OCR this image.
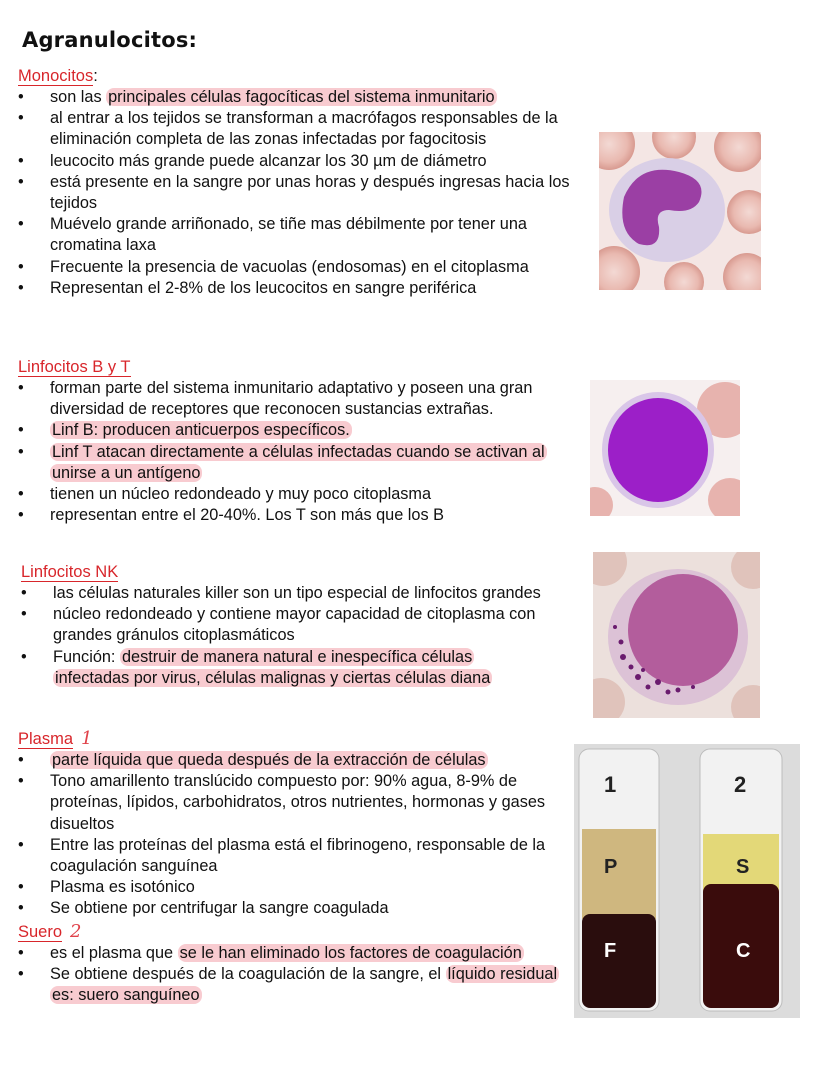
Agranulocitos:
Monocitos:
• son las principales células fagocíticas del sistema inmunitario
• al entrar a los tejidos se transforman a macrófagos responsables de la eliminación completa de las zonas infectadas por fagocitosis
• leucocito más grande puede alcanzar los 30 µm de diámetro
• está presente en la sangre por unas horas y después ingresas hacia los tejidos
• Muévelo grande arriñonado, se tiñe mas débilmente por tener una cromatina laxa
• Frecuente la presencia de vacuolas (endosomas) en el citoplasma
• Representan el 2-8% de los leucocitos en sangre periférica
Linfocitos B y T
• forman parte del sistema inmunitario adaptativo y poseen una gran diversidad de receptores que reconocen sustancias extrañas.
• Linf B: producen anticuerpos específicos.
• Linf T atacan directamente a células infectadas cuando se activan al unirse a un antígeno
• tienen un núcleo redondeado y muy poco citoplasma
• representan entre el 20-40%. Los T son más que los B
Linfocitos NK
• las células naturales killer son un tipo especial de linfocitos grandes
• núcleo redondeado y contiene mayor capacidad de citoplasma con grandes gránulos citoplasmáticos
• Función: destruir de manera natural e inespecífica células infectadas por virus, células malignas y ciertas células diana
Plasma 1
• parte líquida que queda después de la extracción de células
• Tono amarillento translúcido compuesto por: 90% agua, 8-9% de proteínas, lípidos, carbohidratos, otros nutrientes, hormonas y gases disueltos
• Entre las proteínas del plasma está el fibrinogeno, responsable de la coagulación sanguínea
• Plasma es isotónico
• Se obtiene por centrifugar la sangre coagulada
Suero 2
• es el plasma que se le han eliminado los factores de coagulación
• Se obtiene después de la coagulación de la sangre, el líquido residual es: suero sanguíneo
1	2
P	S
F	C
